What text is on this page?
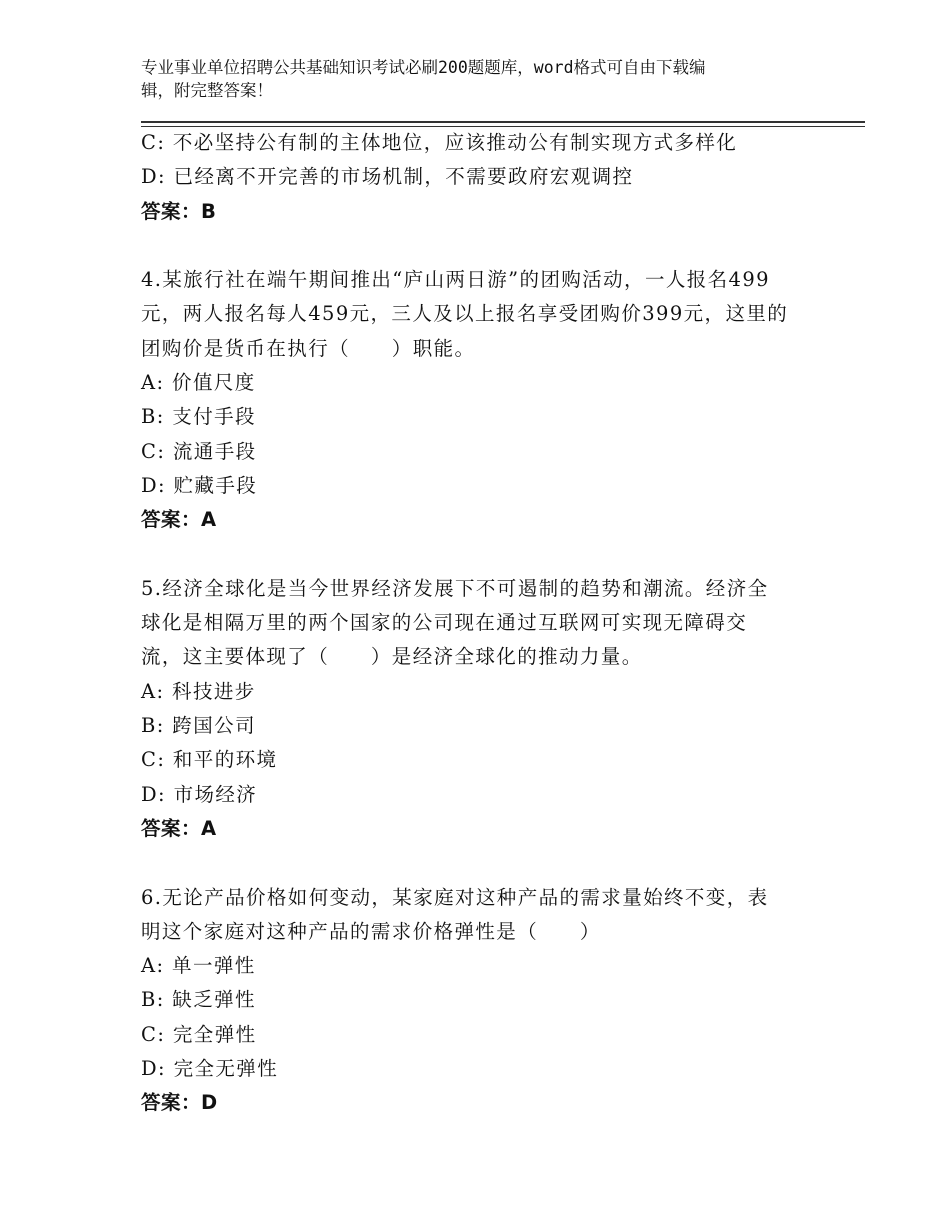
专业事业单位招聘公共基础知识考试必刷200题题库，word格式可自由下载编
辑，附完整答案！
C: 不必坚持公有制的主体地位，应该推动公有制实现方式多样化
D: 已经离不开完善的市场机制，不需要政府宏观调控
答案：B
4.某旅行社在端午期间推出“庐山两日游”的团购活动，一人报名499
元，两人报名每人459元，三人及以上报名享受团购价399元，这里的
团购价是货币在执行（　　）职能。
A: 价值尺度
B: 支付手段
C: 流通手段
D: 贮藏手段
答案：A
5.经济全球化是当今世界经济发展下不可遏制的趋势和潮流。经济全
球化是相隔万里的两个国家的公司现在通过互联网可实现无障碍交
流，这主要体现了（　　）是经济全球化的推动力量。
A: 科技进步
B: 跨国公司
C: 和平的环境
D: 市场经济
答案：A
6.无论产品价格如何变动，某家庭对这种产品的需求量始终不变，表
明这个家庭对这种产品的需求价格弹性是（　　）
A: 单一弹性
B: 缺乏弹性
C: 完全弹性
D: 完全无弹性
答案：D
